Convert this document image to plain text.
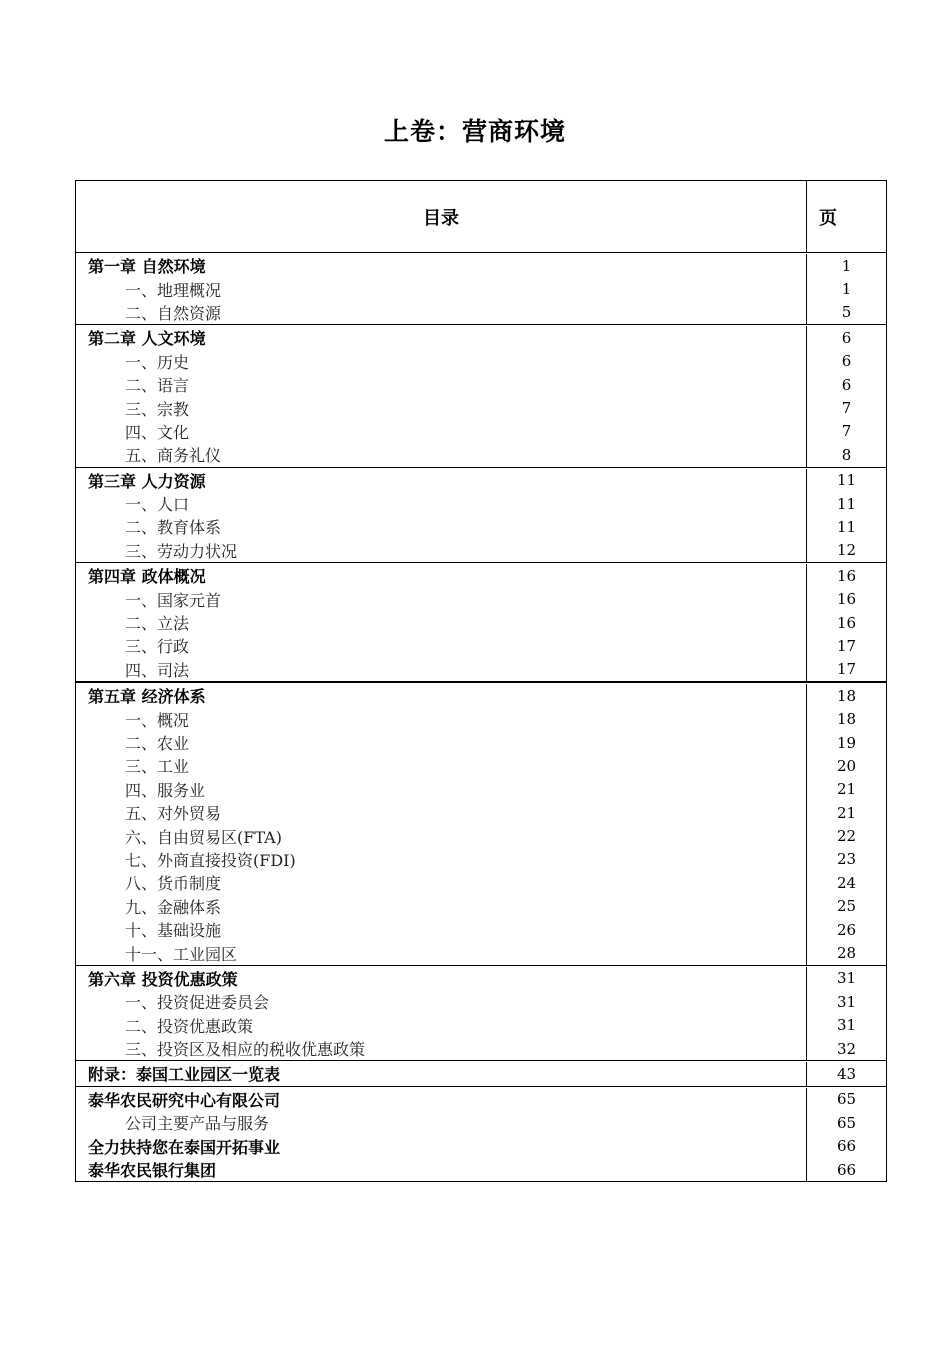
上卷：营商环境
目录	页
第一章 自然环境	1
一、地理概况	1
二、自然资源	5
第二章 人文环境	6
一、历史	6
二、语言	6
三、宗教	7
四、文化	7
五、商务礼仪	8
第三章 人力资源	11
一、人口	11
二、教育体系	11
三、劳动力状况	12
第四章 政体概况	16
一、国家元首	16
二、立法	16
三、行政	17
四、司法	17
第五章 经济体系	18
一、概况	18
二、农业	19
三、工业	20
四、服务业	21
五、对外贸易	21
六、自由贸易区(FTA)	22
七、外商直接投资(FDI)	23
八、货币制度	24
九、金融体系	25
十、基础设施	26
十一、工业园区	28
第六章 投资优惠政策	31
一、投资促进委员会	31
二、投资优惠政策	31
三、投资区及相应的税收优惠政策	32
附录：泰国工业园区一览表	43
泰华农民研究中心有限公司	65
公司主要产品与服务	65
全力扶持您在泰国开拓事业	66
泰华农民银行集团	66
